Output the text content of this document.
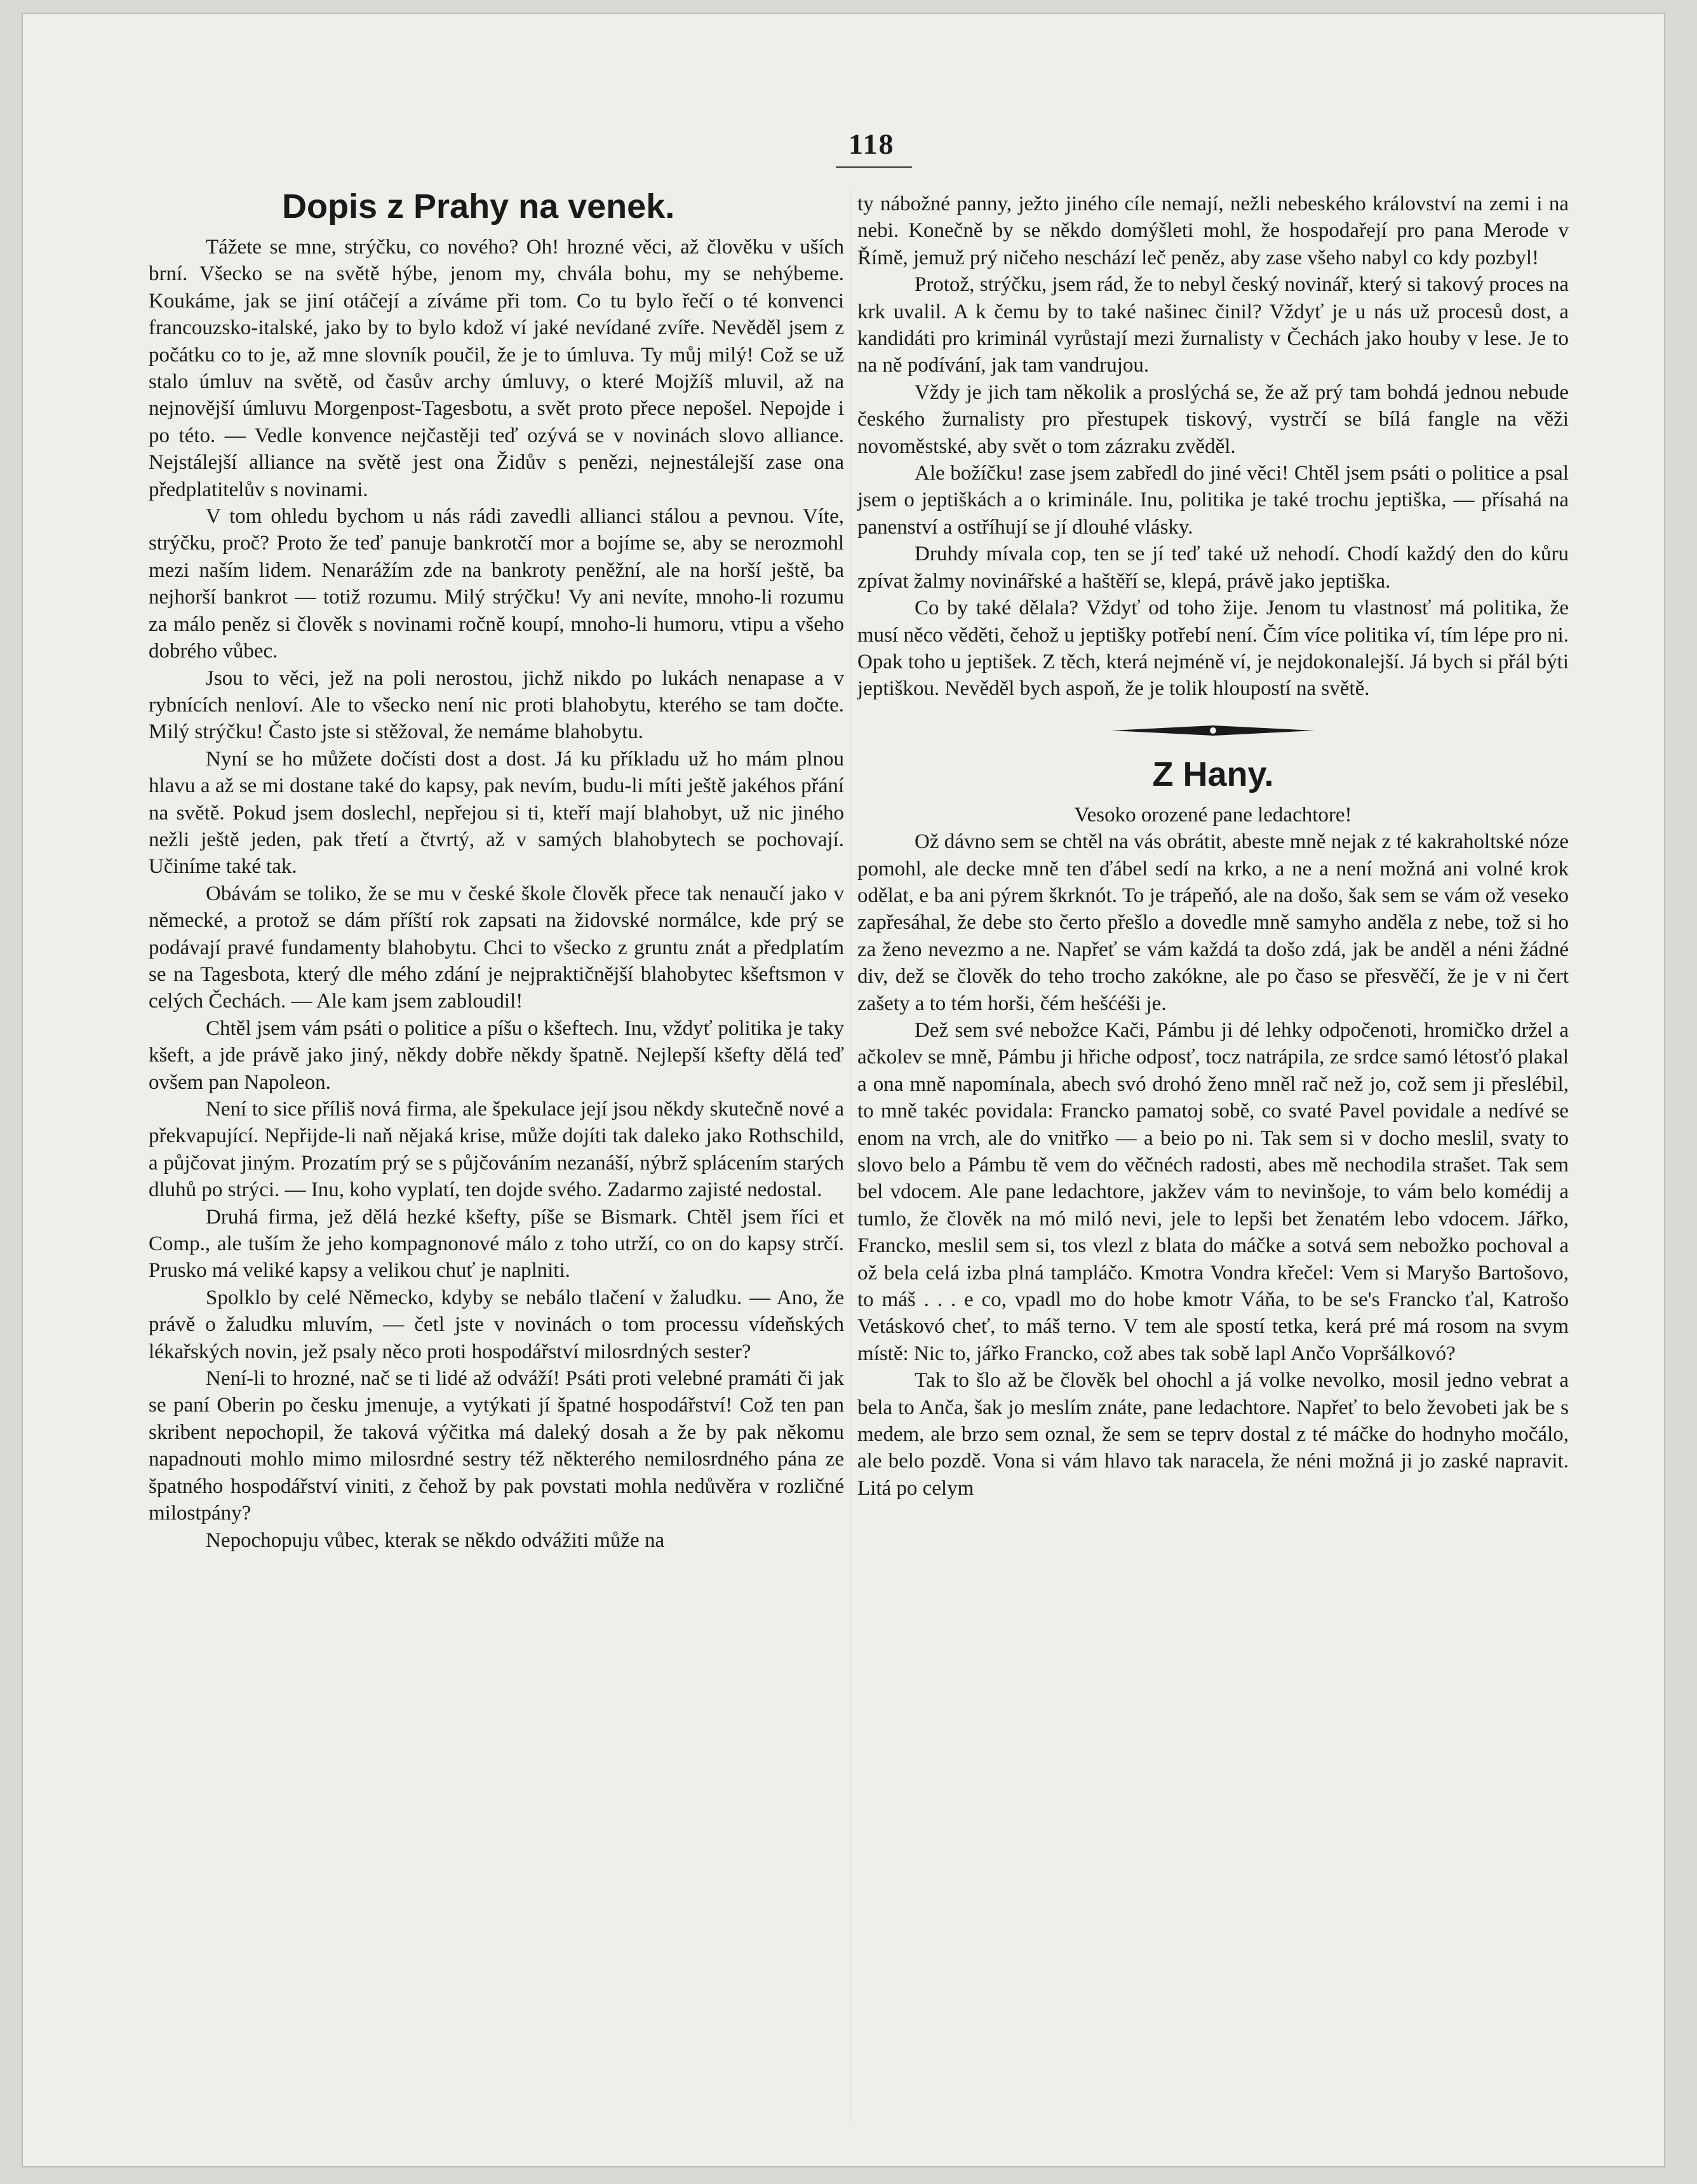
118
Dopis z Prahy na venek.

Tážete se mne, strýčku, co nového? Oh! hrozné věci, až člověku v uších brní. Všecko se na světě hýbe, jenom my, chvála bohu, my se nehýbeme. Koukáme, jak se jiní otáčejí a zíváme při tom. Co tu bylo řečí o té konvenci francouzsko-italské, jako by to bylo kdož ví jaké nevídané zvíře. Nevěděl jsem z počátku co to je, až mne slovník poučil, že je to úmluva. Ty můj milý! Což se už stalo úmluv na světě, od časův archy úmluvy, o které Mojžíš mluvil, až na nejnovější úmluvu Morgenpost-Tagesbotu, a svět proto přece nepošel. Nepojde i po této. — Vedle konvence nejčastěji teď ozývá se v novinách slovo alliance. Nejstálejší alliance na světě jest ona Židův s penězi, nejnestálejší zase ona předplatitelův s novinami.

V tom ohledu bychom u nás rádi zavedli allianci stálou a pevnou. Víte, strýčku, proč? Proto že teď panuje bankrotčí mor a bojíme se, aby se nerozmohl mezi naším lidem. Nenarážím zde na bankroty peněžní, ale na horší ještě, ba nejhorší bankrot — totiž rozumu. Milý strýčku! Vy ani nevíte, mnoho-li rozumu za málo peněz si člověk s novinami ročně koupí, mnoho-li humoru, vtipu a všeho dobrého vůbec.

Jsou to věci, jež na poli nerostou, jichž nikdo po lukách nenapase a v rybnících nenloví. Ale to všecko není nic proti blahobytu, kterého se tam dočte. Milý strýčku! Často jste si stěžoval, že nemáme blahobytu.

Nyní se ho můžete dočísti dost a dost. Já ku příkladu už ho mám plnou hlavu a až se mi dostane také do kapsy, pak nevím, budu-li míti ještě jakéhos přání na světě. Pokud jsem doslechl, nepřejou si ti, kteří mají blahobyt, už nic jiného nežli ještě jeden, pak třetí a čtvrtý, až v samých blahobytech se pochovají. Učiníme také tak.

Obávám se toliko, že se mu v české škole člověk přece tak nenaučí jako v německé, a protož se dám příští rok zapsati na židovské normálce, kde prý se podávají pravé fundamenty blahobytu. Chci to všecko z gruntu znát a předplatím se na Tagesbota, který dle mého zdání je nejpraktičnější blahobytec kšeftsmon v celých Čechách. — Ale kam jsem zabloudil!

Chtěl jsem vám psáti o politice a píšu o kšeftech. Inu, vždyť politika je taky kšeft, a jde právě jako jiný, někdy dobře někdy špatně. Nejlepší kšefty dělá teď ovšem pan Napoleon.

Není to sice příliš nová firma, ale špekulace její jsou někdy skutečně nové a překvapující. Nepřijde-li naň nějaká krise, může dojíti tak daleko jako Rothschild, a půjčovat jiným. Prozatím prý se s půjčováním nezanáší, nýbrž splácením starých dluhů po strýci. — Inu, koho vyplatí, ten dojde svého. Zadarmo zajisté nedostal.

Druhá firma, jež dělá hezké kšefty, píše se Bismark. Chtěl jsem říci et Comp., ale tuším že jeho kompagnonové málo z toho utrží, co on do kapsy strčí. Prusko má veliké kapsy a velikou chuť je naplniti.

Spolklo by celé Německo, kdyby se nebálo tlačení v žaludku. — Ano, že právě o žaludku mluvím, — četl jste v novinách o tom processu vídeňských lékařských novin, jež psaly něco proti hospodářství milosrdných sester?

Není-li to hrozné, nač se ti lidé až odváží! Psáti proti velebné pramáti či jak se paní Oberin po česku jmenuje, a vytýkati jí špatné hospodářství! Což ten pan skribent nepochopil, že taková výčitka má daleký dosah a že by pak někomu napadnouti mohlo mimo milosrdné sestry též některého nemilosrdného pána ze špatného hospodářství viniti, z čehož by pak povstati mohla nedůvěra v rozličné milostpány?

Nepochopuju vůbec, kterak se někdo odvážiti může na

ty nábožné panny, ježto jiného cíle nemají, nežli nebeského království na zemi i na nebi. Konečně by se někdo domýšleti mohl, že hospodařejí pro pana Merode v Římě, jemuž prý ničeho neschází leč peněz, aby zase všeho nabyl co kdy pozbyl!

Protož, strýčku, jsem rád, že to nebyl český novinář, který si takový proces na krk uvalil. A k čemu by to také našinec činil? Vždyť je u nás už procesů dost, a kandidáti pro kriminál vyrůstají mezi žurnalisty v Čechách jako houby v lese. Je to na ně podívání, jak tam vandrujou.

Vždy je jich tam několik a proslýchá se, že až prý tam bohdá jednou nebude českého žurnalisty pro přestupek tiskový, vystrčí se bílá fangle na věži novoměstské, aby svět o tom zázraku zvěděl.

Ale božíčku! zase jsem zabředl do jiné věci! Chtěl jsem psáti o politice a psal jsem o jeptiškách a o kriminále. Inu, politika je také trochu jeptiška, — přísahá na panenství a ostříhují se jí dlouhé vlásky.

Druhdy mívala cop, ten se jí teď také už nehodí. Chodí každý den do kůru zpívat žalmy novinářské a haštěří se, klepá, právě jako jeptiška.

Co by také dělala? Vždyť od toho žije. Jenom tu vlastnosť má politika, že musí něco věděti, čehož u jeptišky potřebí není. Čím více politika ví, tím lépe pro ni. Opak toho u jeptišek. Z těch, která nejméně ví, je nejdokonalejší. Já bych si přál býti jeptiškou. Nevěděl bych aspoň, že je tolik hloupostí na světě.

Z Hany.

Vesoko orozené pane ledachtore!

Ož dávno sem se chtěl na vás obrátit, abeste mně nejak z té kakraholtské nóze pomohl, ale decke mně ten ďábel sedí na krko, a ne a není možná ani volné krok odělat, e ba ani pýrem škrknót. To je trápeňó, ale na došo, šak sem se vám ož veseko zapřesáhal, že debe sto čerto přešlo a dovedle mně samyho anděla z nebe, tož si ho za ženo nevezmo a ne. Napřeť se vám každá ta došo zdá, jak be anděl a néni žádné div, dež se člověk do teho trocho zakókne, ale po časo se přesvěčí, že je v ni čert zašety a to tém horši, čém hešćéši je.

Dež sem své nebožce Kači, Pámbu ji dé lehky odpočenoti, hromičko držel a ačkolev se mně, Pámbu ji hřiche odposť, tocz natrápila, ze srdce samó létosťó plakal a ona mně napomínala, abech svó drohó ženo mněl rač než jo, což sem ji přeslébil, to mně takéc povidala: Francko pamatoj sobě, co svaté Pavel povidale a nedívé se enom na vrch, ale do vnitřko — a beio po ni. Tak sem si v docho meslil, svaty to slovo belo a Pámbu tě vem do věčnéch radosti, abes mě nechodila strašet. Tak sem bel vdocem. Ale pane ledachtore, jakžev vám to nevinšoje, to vám belo komédij a tumlo, že člověk na mó miló nevi, jele to lepši bet ženatém lebo vdocem. Jářko, Francko, meslil sem si, tos vlezl z blata do máčke a sotvá sem nebožko pochoval a ož bela celá izba plná tampláčo. Kmotra Vondra křečel: Vem si Maryšo Bartošovo, to máš . . . e co, vpadl mo do hobe kmotr Váňa, to be se's Francko ťal, Katrošo Vetáskovó cheť, to máš terno. V tem ale spostí tetka, kerá pré má rosom na svym místě: Nic to, jářko Francko, což abes tak sobě lapl Ančo Vopršálkovó?

Tak to šlo až be člověk bel ohochl a já volke nevolko, mosil jedno vebrat a bela to Anča, šak jo meslím znáte, pane ledachtore. Napřeť to belo ževobeti jak be s medem, ale brzo sem oznal, že sem se teprv dostal z té máčke do hodnyho močálo, ale belo pozdě. Vona si vám hlavo tak naracela, že néni možná ji jo zaské napravit. Litá po celym
